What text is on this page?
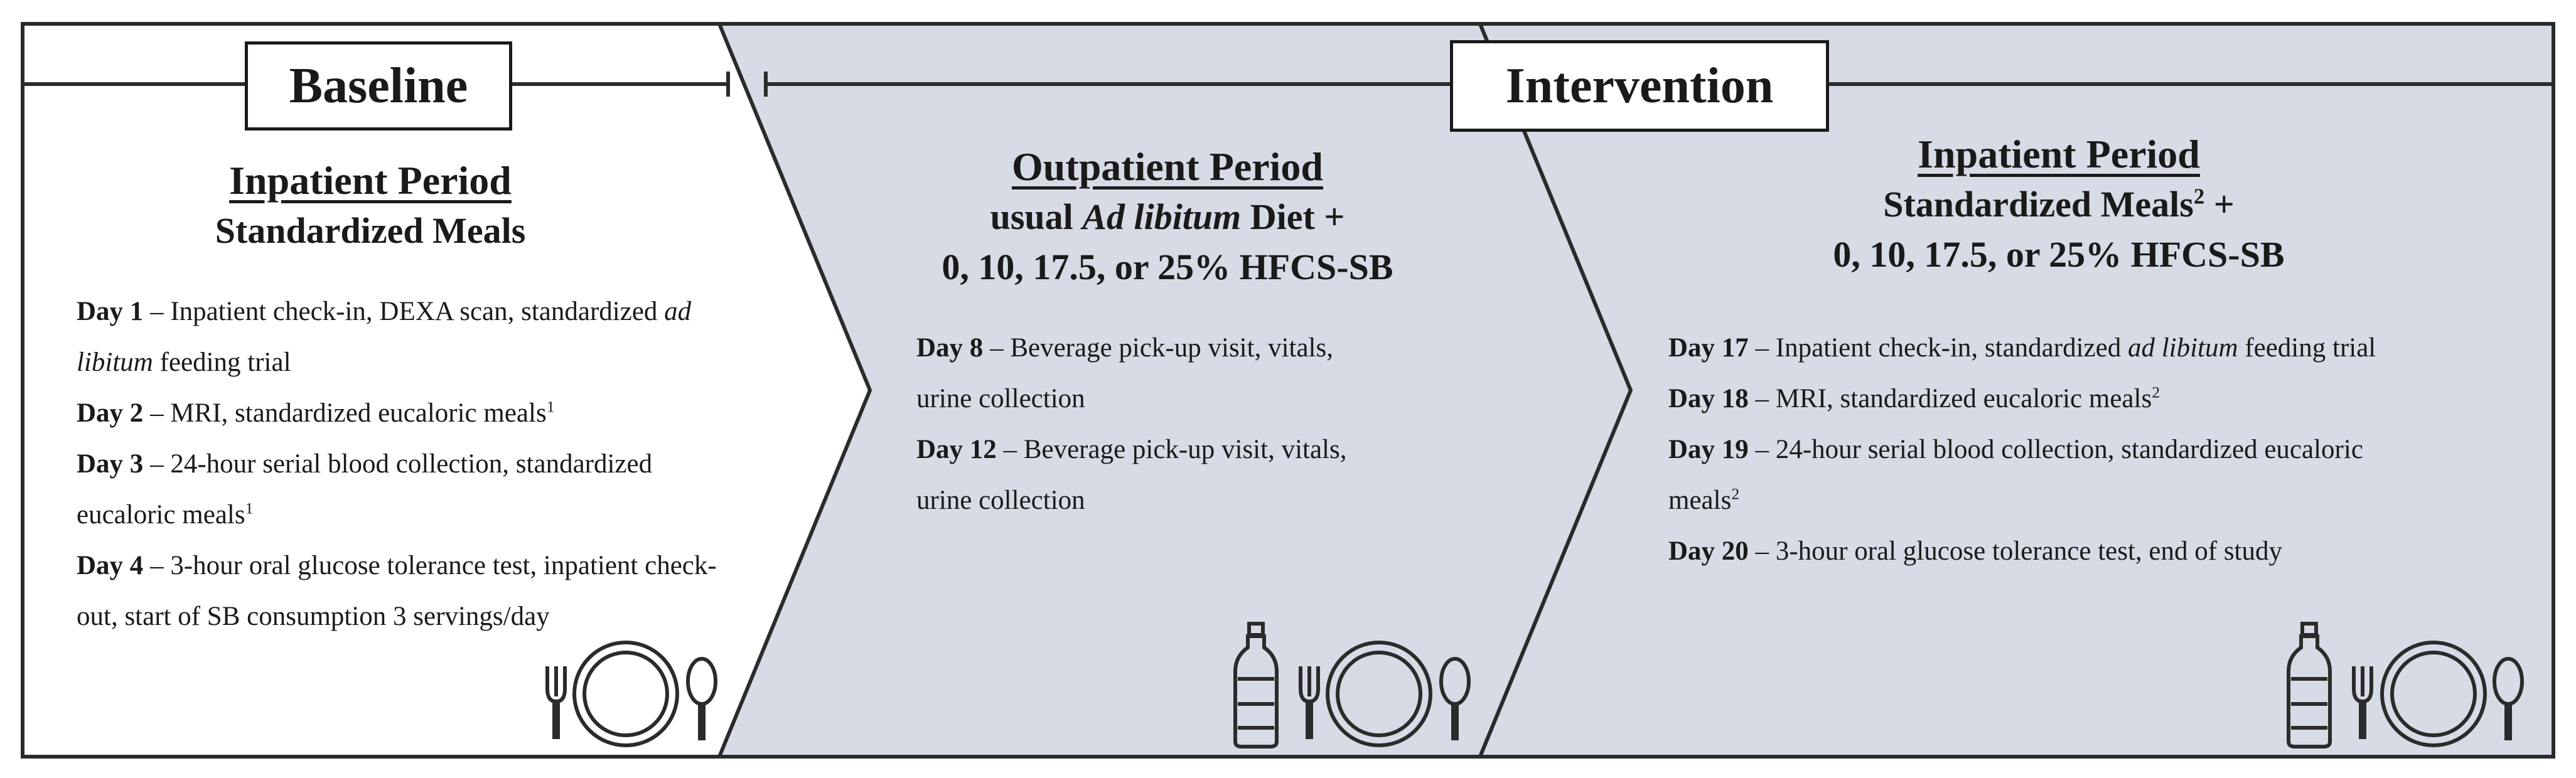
Baseline	Intervention
Inpatient Period
Standardized Meals
Day 1 – Inpatient check-in, DEXA scan, standardized ad libitum feeding trial
Day 2 – MRI, standardized eucaloric meals$^1$
Day 3 – 24-hour serial blood collection, standardized eucaloric meals$^1$
Day 4 – 3-hour oral glucose tolerance test, inpatient check-out, start of SB consumption 3 servings/day
Outpatient Period
usual Ad libitum Diet +
0, 10, 17.5, or 25% HFCS-SB
Day 8 – Beverage pick-up visit, vitals, urine collection
Day 12 – Beverage pick-up visit, vitals, urine collection
Inpatient Period
Standardized Meals$^2$ +
0, 10, 17.5, or 25% HFCS-SB
Day 17 – Inpatient check-in, standardized ad libitum feeding trial
Day 18 – MRI, standardized eucaloric meals$^2$
Day 19 – 24-hour serial blood collection, standardized eucaloric meals$^2$
Day 20 – 3-hour oral glucose tolerance test, end of study
